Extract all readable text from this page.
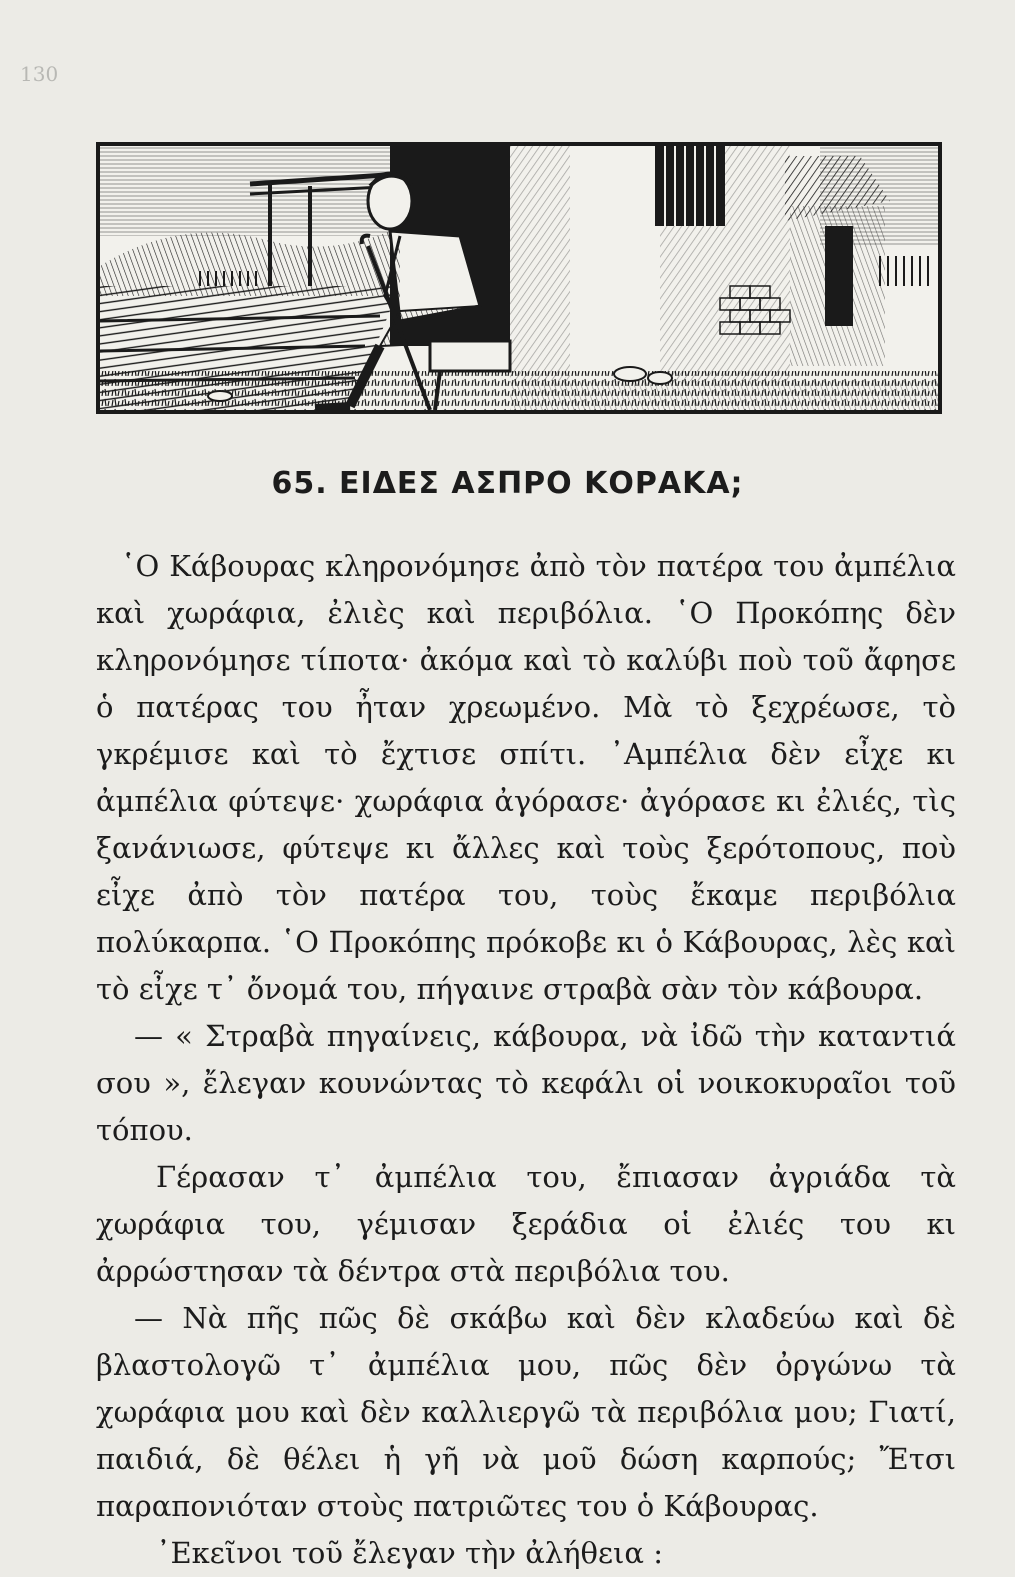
130
65. ΕΙΔΕΣ ΑΣΠΡΟ ΚΟΡΑΚΑ;

῾Ο Κάβουρας κληρονόμησε ἀπὸ τὸν πατέρα του ἀμπέλια καὶ χωράφια, ἐλιὲς καὶ περιβόλια. ῾Ο Προκόπης δὲν κληρονόμησε τίποτα· ἀκόμα καὶ τὸ καλύβι ποὺ τοῦ ἄφησε ὁ πατέρας του ἦταν χρεωμένο. Μὰ τὸ ξεχρέωσε, τὸ γκρέμισε καὶ τὸ ἔχτισε σπίτι. ᾿Αμπέλια δὲν εἶχε κι ἀμπέλια φύτεψε· χωράφια ἀγόρασε· ἀγόρασε κι ἐλιές, τὶς ξανάνιωσε, φύτεψε κι ἄλλες καὶ τοὺς ξερότοπους, ποὺ εἶχε ἀπὸ τὸν πατέρα του, τοὺς ἔκαμε περιβόλια πολύκαρπα. ῾Ο Προκόπης πρόκοβε κι ὁ Κάβουρας, λὲς καὶ τὸ εἶχε τ᾿ ὄνομά του, πήγαινε στραβὰ σὰν τὸν κάβουρα.

— « Στραβὰ πηγαίνεις, κάβουρα, νὰ ἰδῶ τὴν καταντιά σου », ἔλεγαν κουνώντας τὸ κεφάλι οἱ νοικοκυραῖοι τοῦ τόπου.

Γέρασαν τ᾿ ἀμπέλια του, ἔπιασαν ἀγριάδα τὰ χωράφια του, γέμισαν ξεράδια οἱ ἐλιές του κι ἀρρώστησαν τὰ δέντρα στὰ περιβόλια του.

— Νὰ πῆς πῶς δὲ σκάβω καὶ δὲν κλαδεύω καὶ δὲ βλαστολογῶ τ᾿ ἀμπέλια μου, πῶς δὲν ὀργώνω τὰ χωράφια μου καὶ δὲν καλλιεργῶ τὰ περιβόλια μου; Γιατί, παιδιά, δὲ θέλει ἡ γῆ νὰ μοῦ δώση καρπούς; Ἔτσι παραπονιόταν στοὺς πατριῶτες του ὁ Κάβουρας.

᾿Εκεῖνοι τοῦ ἔλεγαν τὴν ἀλήθεια :
